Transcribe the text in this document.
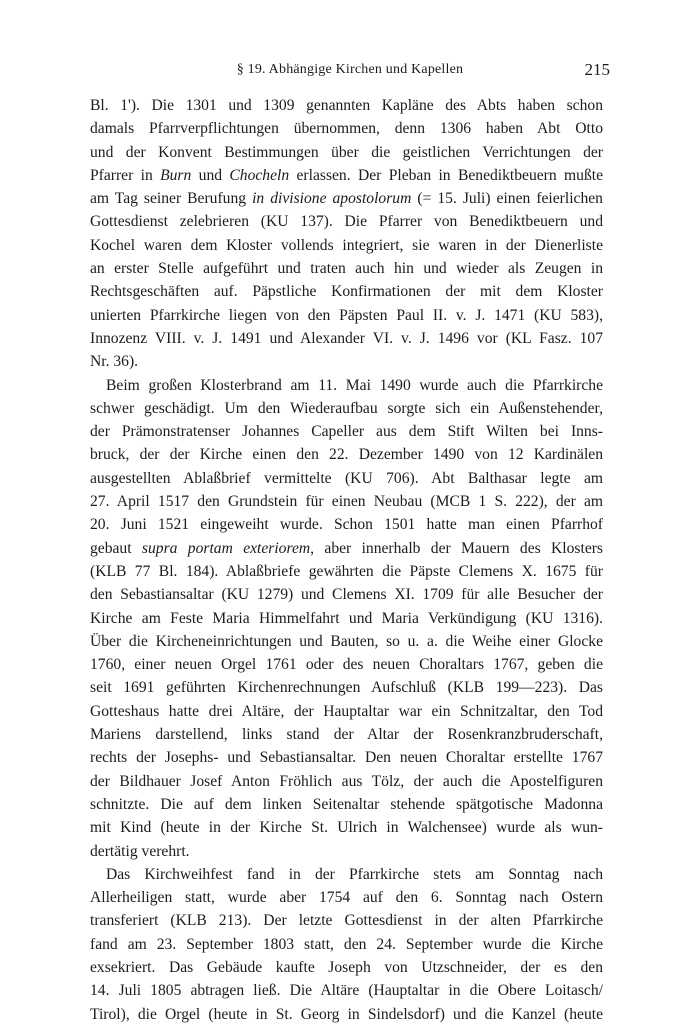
§ 19. Abhängige Kirchen und Kapellen	215
Bl. 1'). Die 1301 und 1309 genannten Kapläne des Abts haben schon
damals Pfarrverpflichtungen übernommen, denn 1306 haben Abt Otto
und der Konvent Bestimmungen über die geistlichen Verrichtungen der
Pfarrer in Burn und Chocheln erlassen. Der Pleban in Benediktbeuern mußte
am Tag seiner Berufung in divisione apostolorum (= 15. Juli) einen feierlichen
Gottesdienst zelebrieren (KU 137). Die Pfarrer von Benediktbeuern und
Kochel waren dem Kloster vollends integriert, sie waren in der Dienerliste
an erster Stelle aufgeführt und traten auch hin und wieder als Zeugen in
Rechtsgeschäften auf. Päpstliche Konfirmationen der mit dem Kloster
unierten Pfarrkirche liegen von den Päpsten Paul II. v. J. 1471 (KU 583),
Innozenz VIII. v. J. 1491 und Alexander VI. v. J. 1496 vor (KL Fasz. 107
Nr. 36).
Beim großen Klosterbrand am 11. Mai 1490 wurde auch die Pfarrkirche
schwer geschädigt. Um den Wiederaufbau sorgte sich ein Außenstehender,
der Prämonstratenser Johannes Capeller aus dem Stift Wilten bei Inns-
bruck, der der Kirche einen den 22. Dezember 1490 von 12 Kardinälen
ausgestellten Ablaßbrief vermittelte (KU 706). Abt Balthasar legte am
27. April 1517 den Grundstein für einen Neubau (MCB 1 S. 222), der am
20. Juni 1521 eingeweiht wurde. Schon 1501 hatte man einen Pfarrhof
gebaut supra portam exteriorem, aber innerhalb der Mauern des Klosters
(KLB 77 Bl. 184). Ablaßbriefe gewährten die Päpste Clemens X. 1675 für
den Sebastiansaltar (KU 1279) und Clemens XI. 1709 für alle Besucher der
Kirche am Feste Maria Himmelfahrt und Maria Verkündigung (KU 1316).
Über die Kircheneinrichtungen und Bauten, so u. a. die Weihe einer Glocke
1760, einer neuen Orgel 1761 oder des neuen Choraltars 1767, geben die
seit 1691 geführten Kirchenrechnungen Aufschluß (KLB 199—223). Das
Gotteshaus hatte drei Altäre, der Hauptaltar war ein Schnitzaltar, den Tod
Mariens darstellend, links stand der Altar der Rosenkranzbruderschaft,
rechts der Josephs- und Sebastiansaltar. Den neuen Choraltar erstellte 1767
der Bildhauer Josef Anton Fröhlich aus Tölz, der auch die Apostelfiguren
schnitzte. Die auf dem linken Seitenaltar stehende spätgotische Madonna
mit Kind (heute in der Kirche St. Ulrich in Walchensee) wurde als wun-
dertätig verehrt.
Das Kirchweihfest fand in der Pfarrkirche stets am Sonntag nach
Allerheiligen statt, wurde aber 1754 auf den 6. Sonntag nach Ostern
transferiert (KLB 213). Der letzte Gottesdienst in der alten Pfarrkirche
fand am 23. September 1803 statt, den 24. September wurde die Kirche
exsekriert. Das Gebäude kaufte Joseph von Utzschneider, der es den
14. Juli 1805 abtragen ließ. Die Altäre (Hauptaltar in die Obere Loitasch/
Tirol), die Orgel (heute in St. Georg in Sindelsdorf) und die Kanzel (heute
